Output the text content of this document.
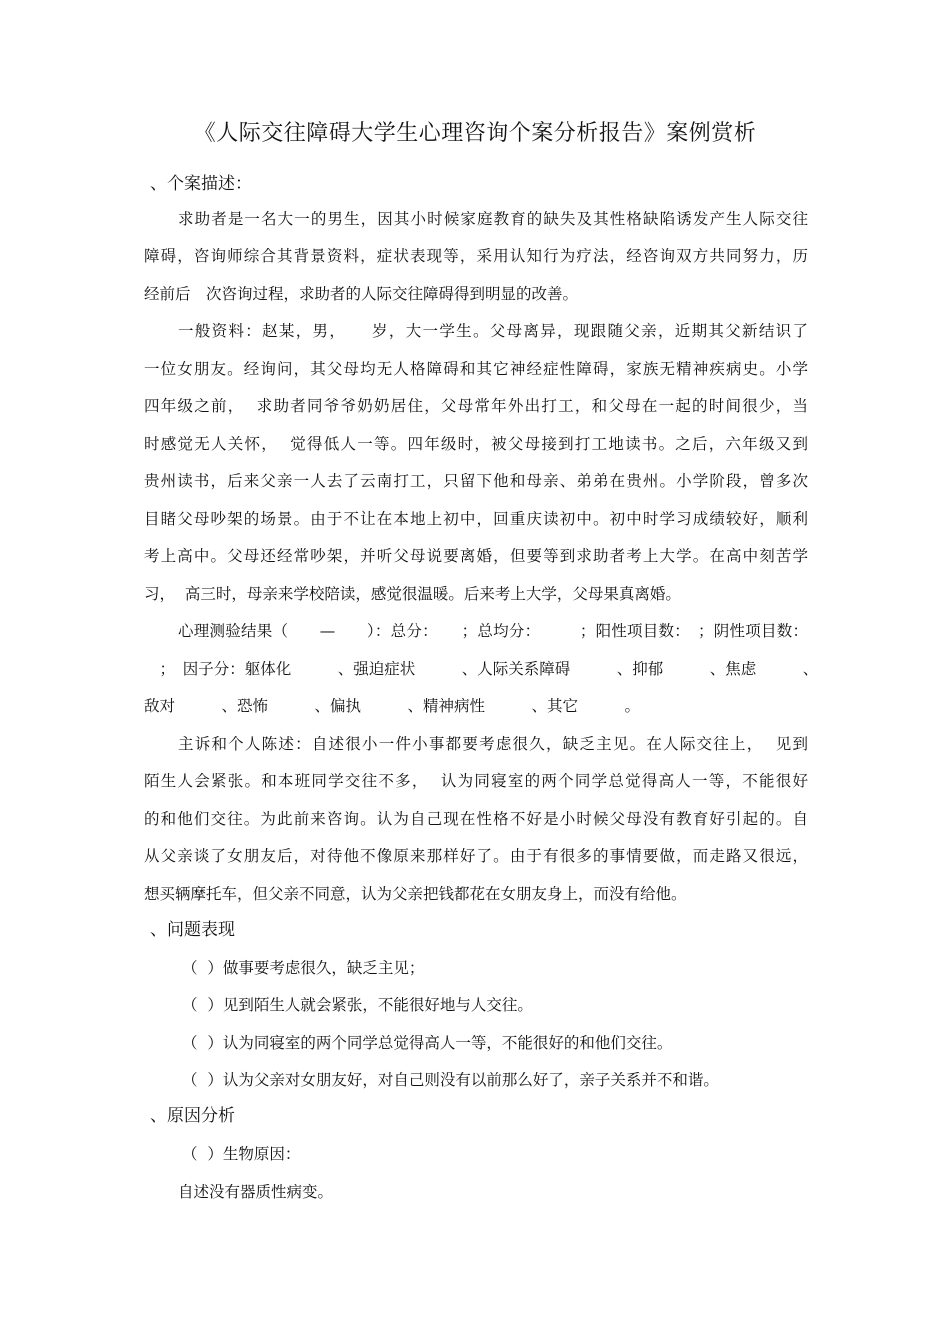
《人际交往障碍大学生心理咨询个案分析报告》案例赏析
、个案描述：
求助者是一名大一的男生，因其小时候家庭教育的缺失及其性格缺陷诱发产生人际交往
障碍，咨询师综合其背景资料，症状表现等，采用认知行为疗法，经咨询双方共同努力，历
经前后　次咨询过程，求助者的人际交往障碍得到明显的改善。
一般资料：赵某，男，　　岁，大一学生。父母离异，现跟随父亲，近期其父新结识了
一位女朋友。经询问，其父母均无人格障碍和其它神经症性障碍，家族无精神疾病史。小学
四年级之前，  求助者同爷爷奶奶居住，父母常年外出打工，和父母在一起的时间很少，当
时感觉无人关怀，  觉得低人一等。四年级时，被父母接到打工地读书。之后，六年级又到
贵州读书，后来父亲一人去了云南打工，只留下他和母亲、弟弟在贵州。小学阶段，曾多次
目睹父母吵架的场景。由于不让在本地上初中，回重庆读初中。初中时学习成绩较好，顺利
考上高中。父母还经常吵架，并听父母说要离婚，但要等到求助者考上大学。在高中刻苦学
习，  高三时，母亲来学校陪读，感觉很温暖。后来考上大学，父母果真离婚。
心理测验结果（　　—　　）：总分：　　；总均分：　　　；阳性项目数：　；阴性项目数：
　；　因子分：躯体化　　　、强迫症状　　　、人际关系障碍　　　、抑郁　　　、焦虑　　　、
敌对　　　、恐怖　　　、偏执　　　、精神病性　　　、其它　　　。
主诉和个人陈述：自述很小一件小事都要考虑很久，缺乏主见。在人际交往上，  见到
陌生人会紧张。和本班同学交往不多，  认为同寝室的两个同学总觉得高人一等，不能很好
的和他们交往。为此前来咨询。认为自己现在性格不好是小时候父母没有教育好引起的。自
从父亲谈了女朋友后，对待他不像原来那样好了。由于有很多的事情要做，而走路又很远，
想买辆摩托车，但父亲不同意，认为父亲把钱都花在女朋友身上，而没有给他。
、问题表现
（  ）做事要考虑很久，缺乏主见；
（  ）见到陌生人就会紧张，不能很好地与人交往。
（  ）认为同寝室的两个同学总觉得高人一等，不能很好的和他们交往。
（  ）认为父亲对女朋友好，对自己则没有以前那么好了，亲子关系并不和谐。
、原因分析
（  ）生物原因：
自述没有器质性病变。
